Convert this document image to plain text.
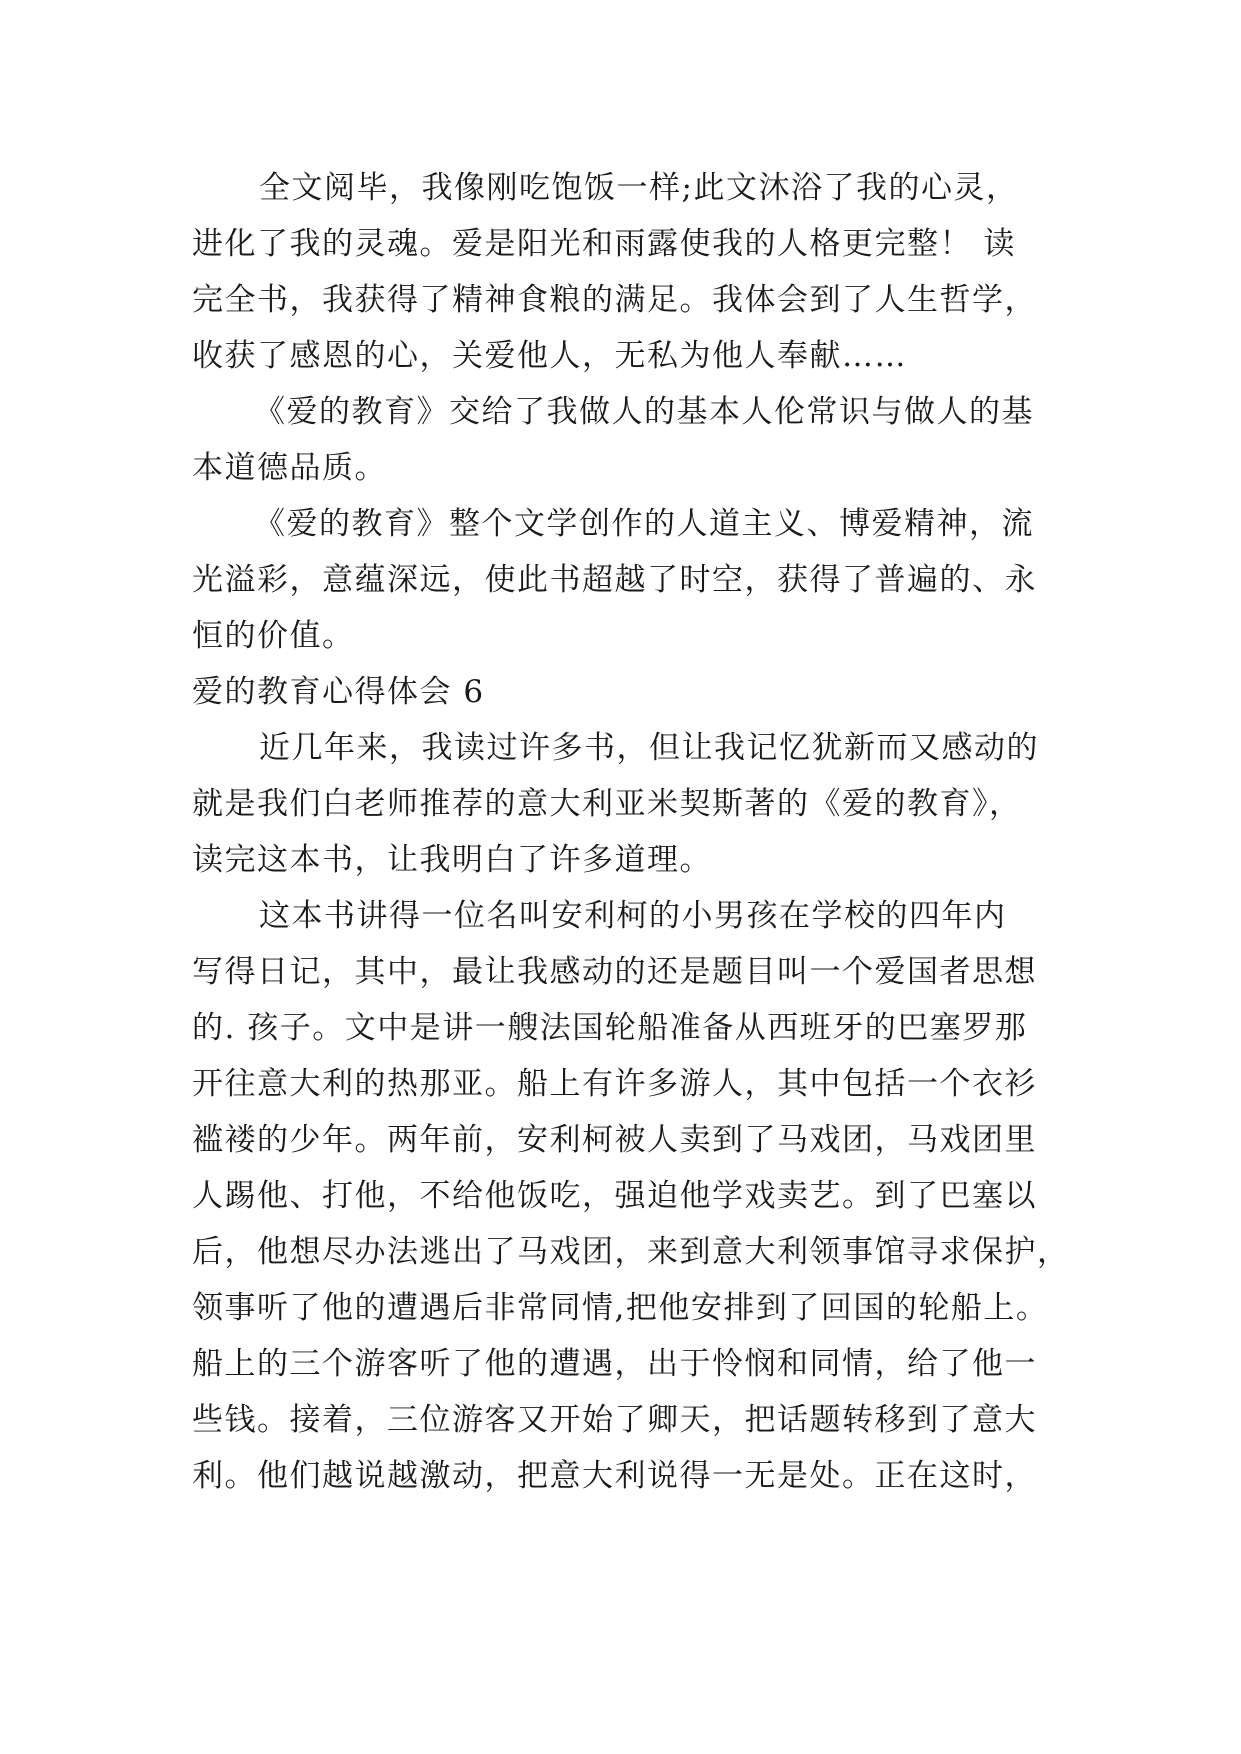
全文阅毕，我像刚吃饱饭一样;此文沐浴了我的心灵，
进化了我的灵魂。爱是阳光和雨露使我的人格更完整！ 读
完全书，我获得了精神食粮的满足。我体会到了人生哲学，
收获了感恩的心，关爱他人，无私为他人奉献……
《爱的教育》交给了我做人的基本人伦常识与做人的基
本道德品质。
《爱的教育》整个文学创作的人道主义、博爱精神，流
光溢彩，意蕴深远，使此书超越了时空，获得了普遍的、永
恒的价值。
爱的教育心得体会 6
近几年来，我读过许多书，但让我记忆犹新而又感动的
就是我们白老师推荐的意大利亚米契斯著的《爱的教育》，
读完这本书，让我明白了许多道理。
这本书讲得一位名叫安利柯的小男孩在学校的四年内
写得日记，其中，最让我感动的还是题目叫一个爱国者思想
的. 孩子。文中是讲一艘法国轮船准备从西班牙的巴塞罗那
开往意大利的热那亚。船上有许多游人，其中包括一个衣衫
褴褛的少年。两年前，安利柯被人卖到了马戏团，马戏团里
人踢他、打他，不给他饭吃，强迫他学戏卖艺。到了巴塞以
后，他想尽办法逃出了马戏团，来到意大利领事馆寻求保护，
领事听了他的遭遇后非常同情,把他安排到了回国的轮船上。
船上的三个游客听了他的遭遇，出于怜悯和同情，给了他一
些钱。接着，三位游客又开始了卿天，把话题转移到了意大
利。他们越说越激动，把意大利说得一无是处。正在这时，
